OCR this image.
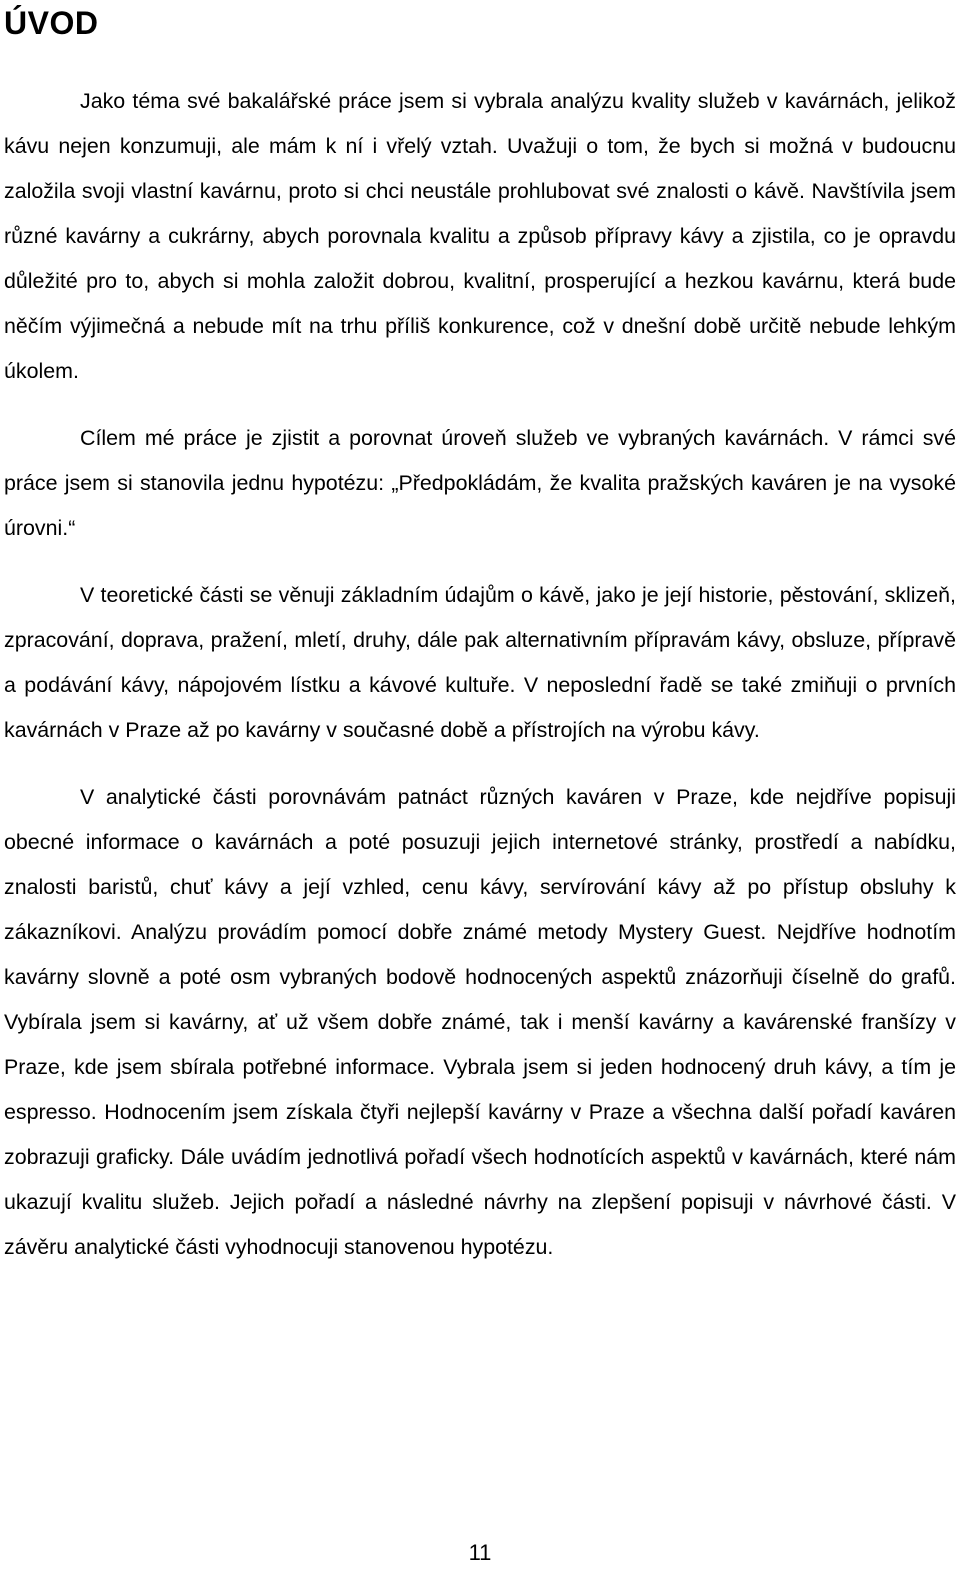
ÚVOD

Jako téma své bakalářské práce jsem si vybrala analýzu kvality služeb v kavárnách, jelikož kávu nejen konzumuji, ale mám k ní i vřelý vztah. Uvažuji o tom, že bych si možná v budoucnu založila svoji vlastní kavárnu, proto si chci neustále prohlubovat své znalosti o kávě. Navštívila jsem různé kavárny a cukrárny, abych porovnala kvalitu a způsob přípravy kávy a zjistila, co je opravdu důležité pro to, abych si mohla založit dobrou, kvalitní, prosperující a hezkou kavárnu, která bude něčím výjimečná a nebude mít na trhu příliš konkurence, což v dnešní době určitě nebude lehkým úkolem.

Cílem mé práce je zjistit a porovnat úroveň služeb ve vybraných kavárnách. V rámci své práce jsem si stanovila jednu hypotézu: „Předpokládám, že kvalita pražských kaváren je na vysoké úrovni.“

V teoretické části se věnuji základním údajům o kávě, jako je její historie, pěstování, sklizeň, zpracování, doprava, pražení, mletí, druhy, dále pak alternativním přípravám kávy, obsluze, přípravě a podávání kávy, nápojovém lístku a kávové kultuře. V neposlední řadě se také zmiňuji o prvních kavárnách v Praze až po kavárny v současné době a přístrojích na výrobu kávy.

V analytické části porovnávám patnáct různých kaváren v Praze, kde nejdříve popisuji obecné informace o kavárnách a poté posuzuji jejich internetové stránky, prostředí a nabídku, znalosti baristů, chuť kávy a její vzhled, cenu kávy, servírování kávy až po přístup obsluhy k zákazníkovi. Analýzu provádím pomocí dobře známé metody Mystery Guest. Nejdříve hodnotím kavárny slovně a poté osm vybraných bodově hodnocených aspektů znázorňuji číselně do grafů. Vybírala jsem si kavárny, ať už všem dobře známé, tak i menší kavárny a kavárenské franšízy v Praze, kde jsem sbírala potřebné informace. Vybrala jsem si jeden hodnocený druh kávy, a tím je espresso. Hodnocením jsem získala čtyři nejlepší kavárny v Praze a všechna další pořadí kaváren zobrazuji graficky. Dále uvádím jednotlivá pořadí všech hodnotících aspektů v kavárnách, které nám ukazují kvalitu služeb. Jejich pořadí a následné návrhy na zlepšení popisuji v návrhové části. V závěru analytické části vyhodnocuji stanovenou hypotézu.

11
